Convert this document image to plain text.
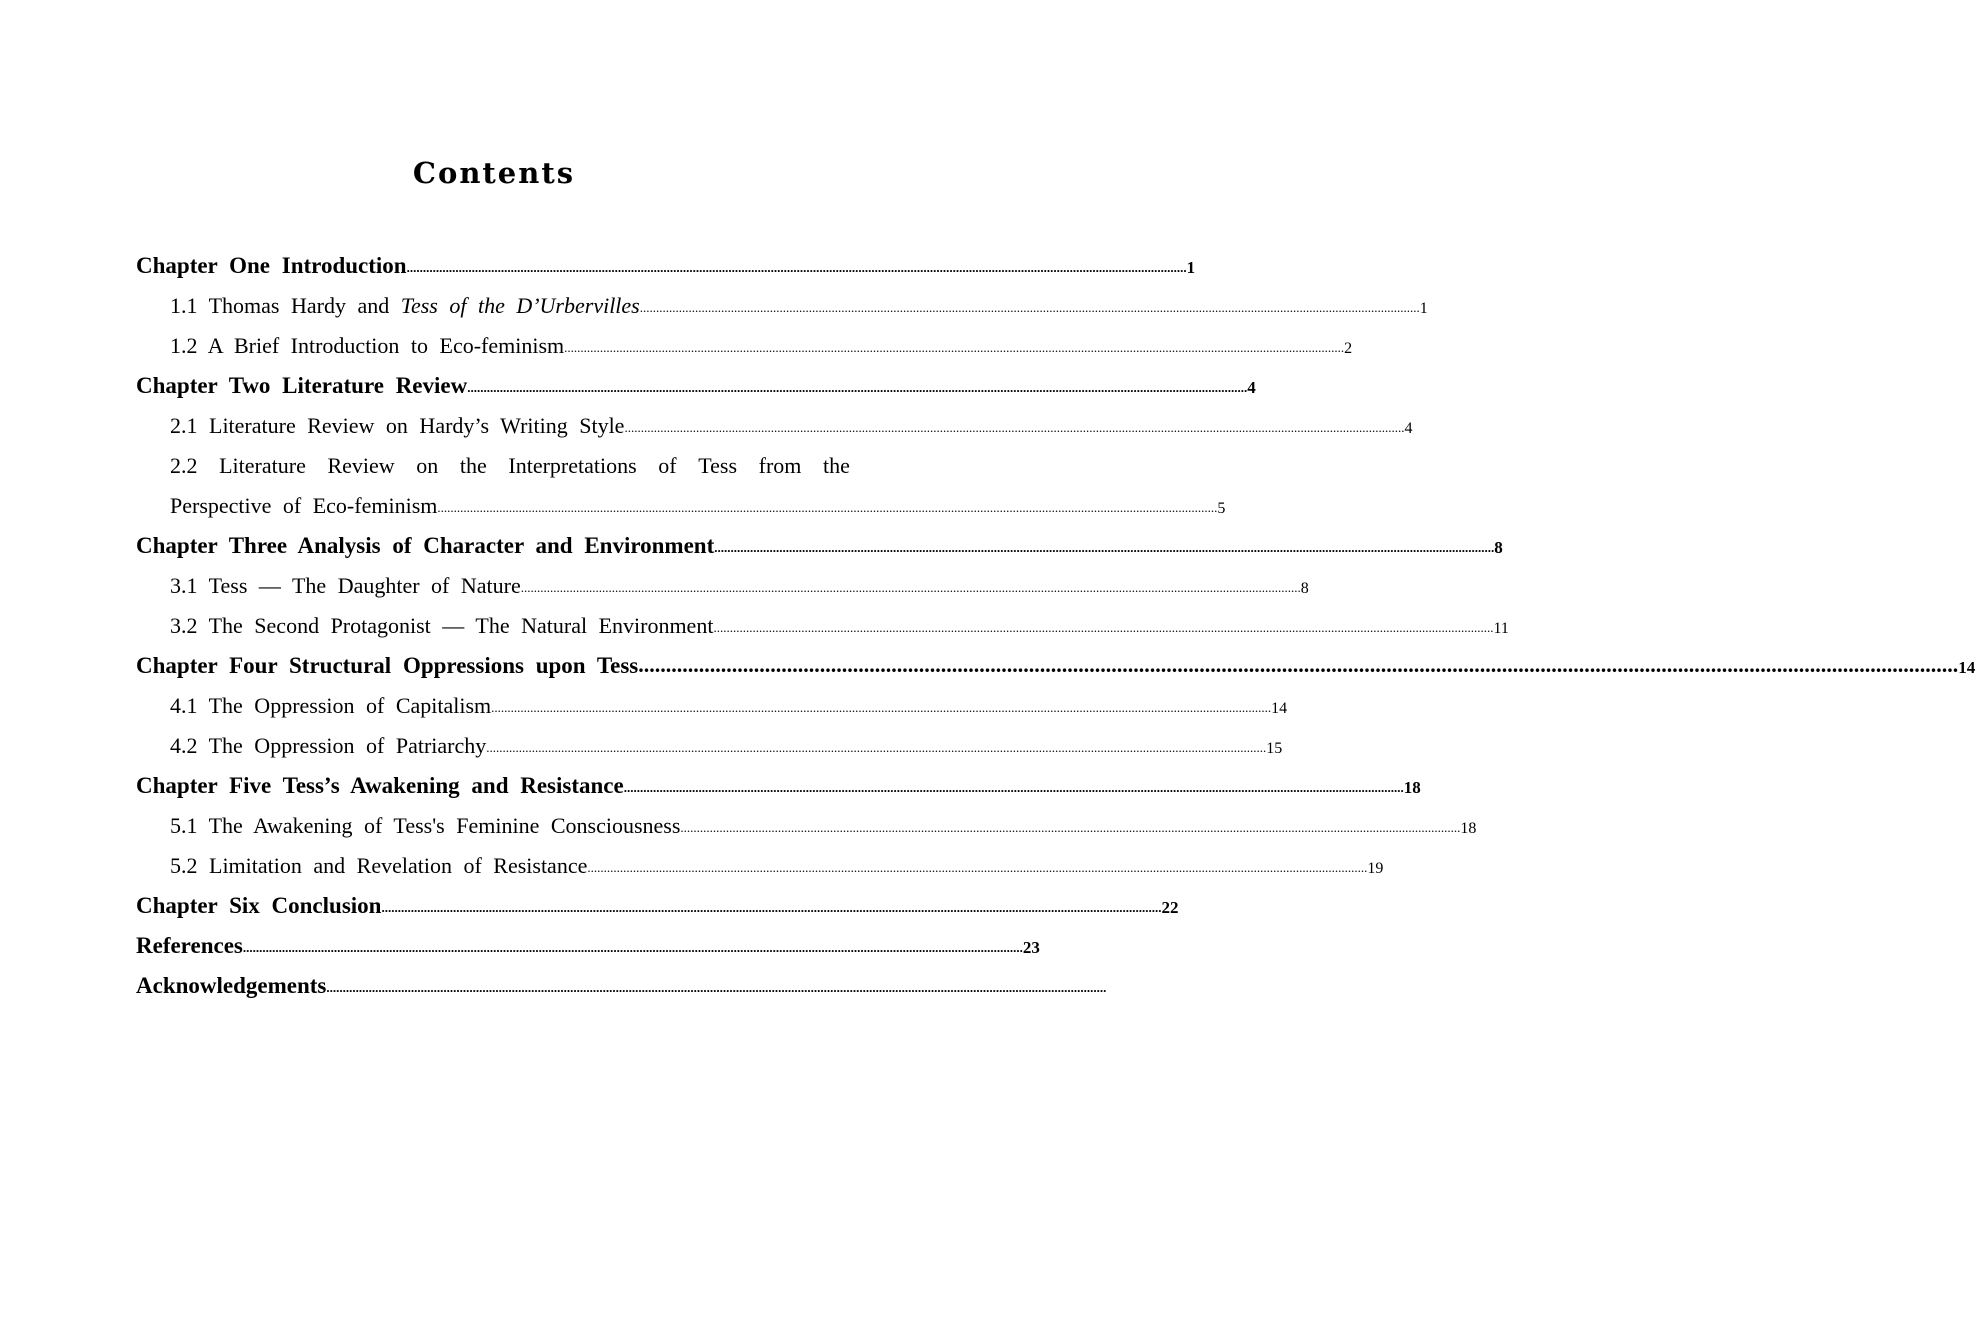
Contents
Chapter One Introduction ................................................................................................................................................................................................................................................ 1
1.1 Thomas Hardy and Tess of the D’Urbervilles ................................................................................................................................................................................................................................................ 1
1.2 A Brief Introduction to Eco-feminism ................................................................................................................................................................................................................................................ 2
Chapter Two Literature Review ................................................................................................................................................................................................................................................ 4
2.1 Literature Review on Hardy’s Writing Style ................................................................................................................................................................................................................................................ 4
2.2 Literature Review on the Interpretations of Tess from the
Perspective of Eco-feminism ................................................................................................................................................................................................................................................ 5
Chapter Three Analysis of Character and Environment ................................................................................................................................................................................................................................................ 8
3.1 Tess — The Daughter of Nature ................................................................................................................................................................................................................................................ 8
3.2 The Second Protagonist — The Natural Environment ................................................................................................................................................................................................................................................ 11
Chapter Four Structural Oppressions upon Tess ................................................................................................................................................................................................................................................ 14
4.1 The Oppression of Capitalism ................................................................................................................................................................................................................................................ 14
4.2 The Oppression of Patriarchy ................................................................................................................................................................................................................................................ 15
Chapter Five Tess’s Awakening and Resistance ................................................................................................................................................................................................................................................ 18
5.1 The Awakening of Tess's Feminine Consciousness ................................................................................................................................................................................................................................................ 18
5.2 Limitation and Revelation of Resistance ................................................................................................................................................................................................................................................ 19
Chapter Six Conclusion ................................................................................................................................................................................................................................................ 22
References ................................................................................................................................................................................................................................................ 23
Acknowledgements ................................................................................................................................................................................................................................................
